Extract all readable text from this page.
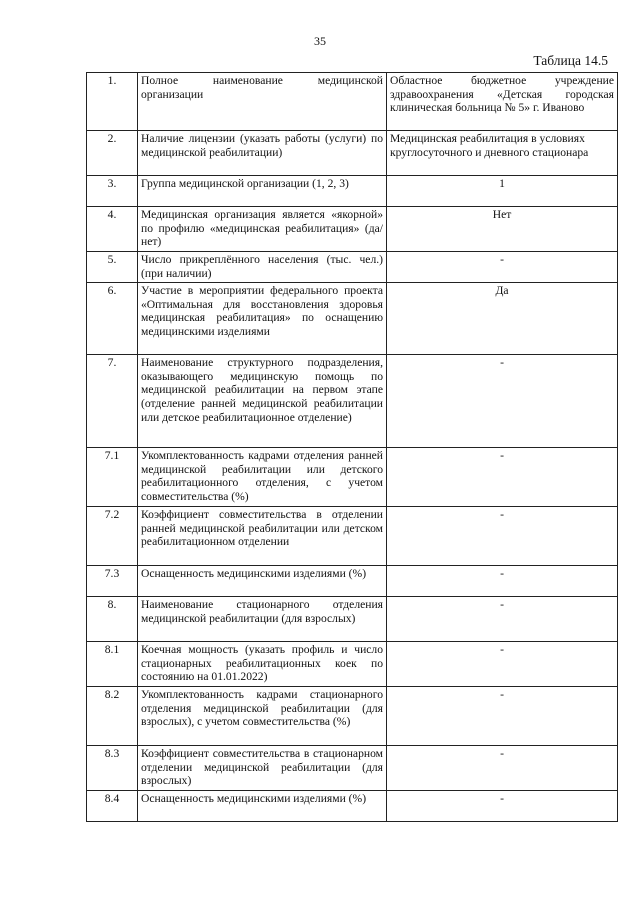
35
Таблица 14.5
1.	Полное наименование медицинской организации	Областное бюджетное учреждение здравоохранения «Детская городская клиническая больница № 5» г. Иваново
2.	Наличие лицензии (указать работы (услуги) по медицинской реабилитации)	Медицинская реабилитация в условиях круглосуточного и дневного стационара
3.	Группа медицинской организации (1, 2, 3)	1
4.	Медицинская организация является «якорной» по профилю «медицинская реабилитация» (да/нет)	Нет
5.	Число прикреплённого населения (тыс. чел.) (при наличии)	-
6.	Участие в мероприятии федерального проекта «Оптимальная для восстановления здоровья медицинская реабилитация» по оснащению медицинскими изделиями	Да
7.	Наименование структурного подразделения, оказывающего медицинскую помощь по медицинской реабилитации на первом этапе (отделение ранней медицинской реабилитации или детское реабилитационное отделение)	-
7.1	Укомплектованность кадрами отделения ранней медицинской реабилитации или детского реабилитационного отделения, с учетом совместительства (%)	-
7.2	Коэффициент совместительства в отделении ранней медицинской реабилитации или детском реабилитационном отделении	-
7.3	Оснащенность медицинскими изделиями (%)	-
8.	Наименование стационарного отделения медицинской реабилитации (для взрослых)	-
8.1	Коечная мощность (указать профиль и число стационарных реабилитационных коек по состоянию на 01.01.2022)	-
8.2	Укомплектованность кадрами стационарного отделения медицинской реабилитации (для взрослых), с учетом совместительства (%)	-
8.3	Коэффициент совместительства в стационарном отделении медицинской реабилитации (для взрослых)	-
8.4	Оснащенность медицинскими изделиями (%)	-
